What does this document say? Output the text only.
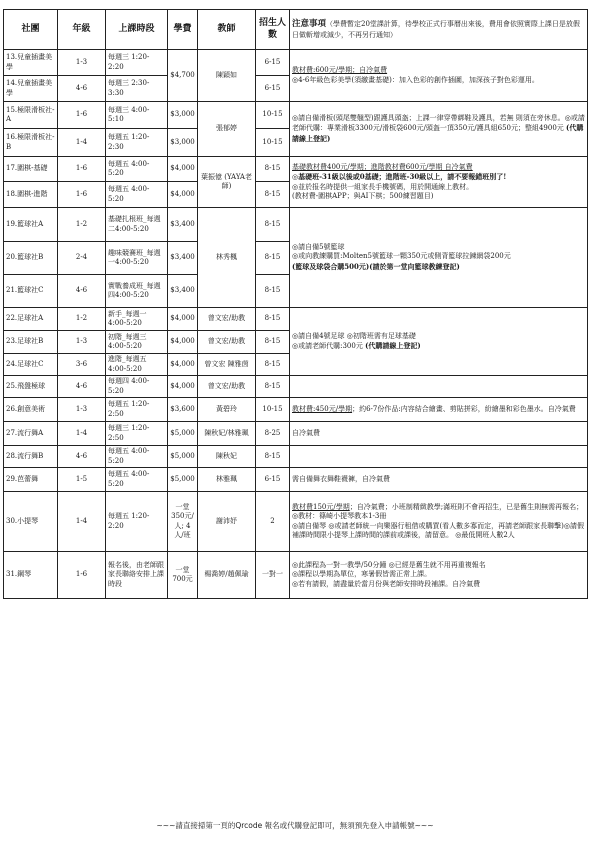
社團	年級	上課時段	學費	教師	招生人數	注意事項（學費暫定20堂課計算，待學校正式行事曆出來後，費用會依照實際上課日是放假日做斬增或減少，不再另行通知）
13.兒童插畫美學	1-3	每週三 1:20-2:20	$4,700	陳穎如	6-15	教材費:600元/學期；自冷氣費
◎4-6年級色彩美學(須繳畫基礎)：加入色彩的創作插圖，加深孩子對色彩運用。
14.兒童插畫美學	4-6	每週三 2:30-3:30			6-15	
15.極限滑板社-A	1-6	每週三 4:00-5:10	$3,000	張郁婷	10-15	◎請自備滑板(頭尾雙翹型)跟護具頭盔；上課一律穿帶綁鞋及護具，若無 則須在旁休息。◎或請老師代購：專業滑板3300元/滑板袋600元/頭盔一頂350元/護具組650元；整組4900元 (代購請線上登記)
16.極限滑板社-B	1-4	每週五 1:20-2:30	$3,000		10-15	
17.圍棋-基礎	1-6	每週五 4:00-5:20	$4,000	葉振億 (YAYA老師)	8-15	基礎教材費400元/學期；進階教材費600元/學期 自冷氣費
◎基礎班-31級以後或0基礎；進階班-30級以上，請不要報錯班別了!
◎並於报名時提供一組家長手機號碼，用於開通線上教材。
(教材費-圍棋APP；與AI下棋；500練習題目)
18.圍棋-進階	1-6	每週五 4:00-5:20	$4,000		8-15	
19.籃球社A	1-2	基礎扎根班_每週二4:00-5:20	$3,400	林秀楓	8-15	◎請自備5號籃球
◎或向教練購買:Molten5號籃球一顆350元或側背籃球拉鍊網袋200元
(籃球及球袋合購500元)(請於第一堂向籃球教練登記)
20.籃球社B	2-4	趣味競賽班_每週一4:00-5:20	$3,400		8-15	
21.籃球社C	4-6	實戰養成班_每週四4:00-5:20	$3,400		8-15	
22.足球社A	1-2	新手_每週一 4:00-5:20	$4,000	曾文宏/助教	8-15	◎請自備4號足球 ◎初階班需有足球基礎
◎或請老師代購:300元 (代購請線上登記)
23.足球社B	1-3	初階_每週三 4:00-5:20	$4,000	曾文宏/助教	8-15	
24.足球社C	3-6	進階_每週五 4:00-5:20	$4,000	曾文宏 陳雅茵	8-15	
25.飛盤極球	4-6	每週四 4:00-5:20	$4,000	曾文宏/助教	8-15	
26.創意美術	1-3	每週五 1:20-2:50	$3,600	黃碧玲	10-15	教材費:450元/學期；約6-7份作品:内容結合繪畫、剪貼拼彩，紛繪墨和彩色墨水。自冷氣費
27.流行舞A	1-4	每週三 1:20-2:50	$5,000	陳秋妃/林雅珮	8-25	自冷氣費
28.流行舞B	4-6	每週五 4:00-5:20	$5,000	陳秋妃	8-15	
29.芭蕾舞	1-5	每週五 4:00-5:20	$5,000	林雅珮	6-15	需自備舞衣舞鞋襪褲，自冷氣費
30.小提琴	1-4	每週五 1:20-2:20	一堂 350元/人; 4人/班	謝沛妤	2	教材費150元/學期；自冷氣費；小班制精緻教學;滿班則不會再招生，已是舊生則無需再報名；◎教材：篠崎小提琴教本1-3冊
◎請自備琴 ◎或請老師統一向樂器行租借或購買(看人數多寡而定，再請老師跟家長聯擊)◎請假補課時間限小提琴上課時間的課前或課後，請留意。 ◎最低開班人數2人
31.鋼琴	1-6	報名後，由老師跟家長聯絡安排上課時段	一堂 700元	楊喬婷/趙佩瑜	一對一	◎此課程為一對一教學/50分鐘 ◎已經是舊生就不用再重複報名
◎課程以學期為單位，寒暑假皆需正常上課。
◎若有請假，請盡量於當月份與老師安排時段補課。自冷氣費
~~~請直接掃第一頁的Qrcode 報名或代購登記即可，無須預先登入申請帳號~~~
